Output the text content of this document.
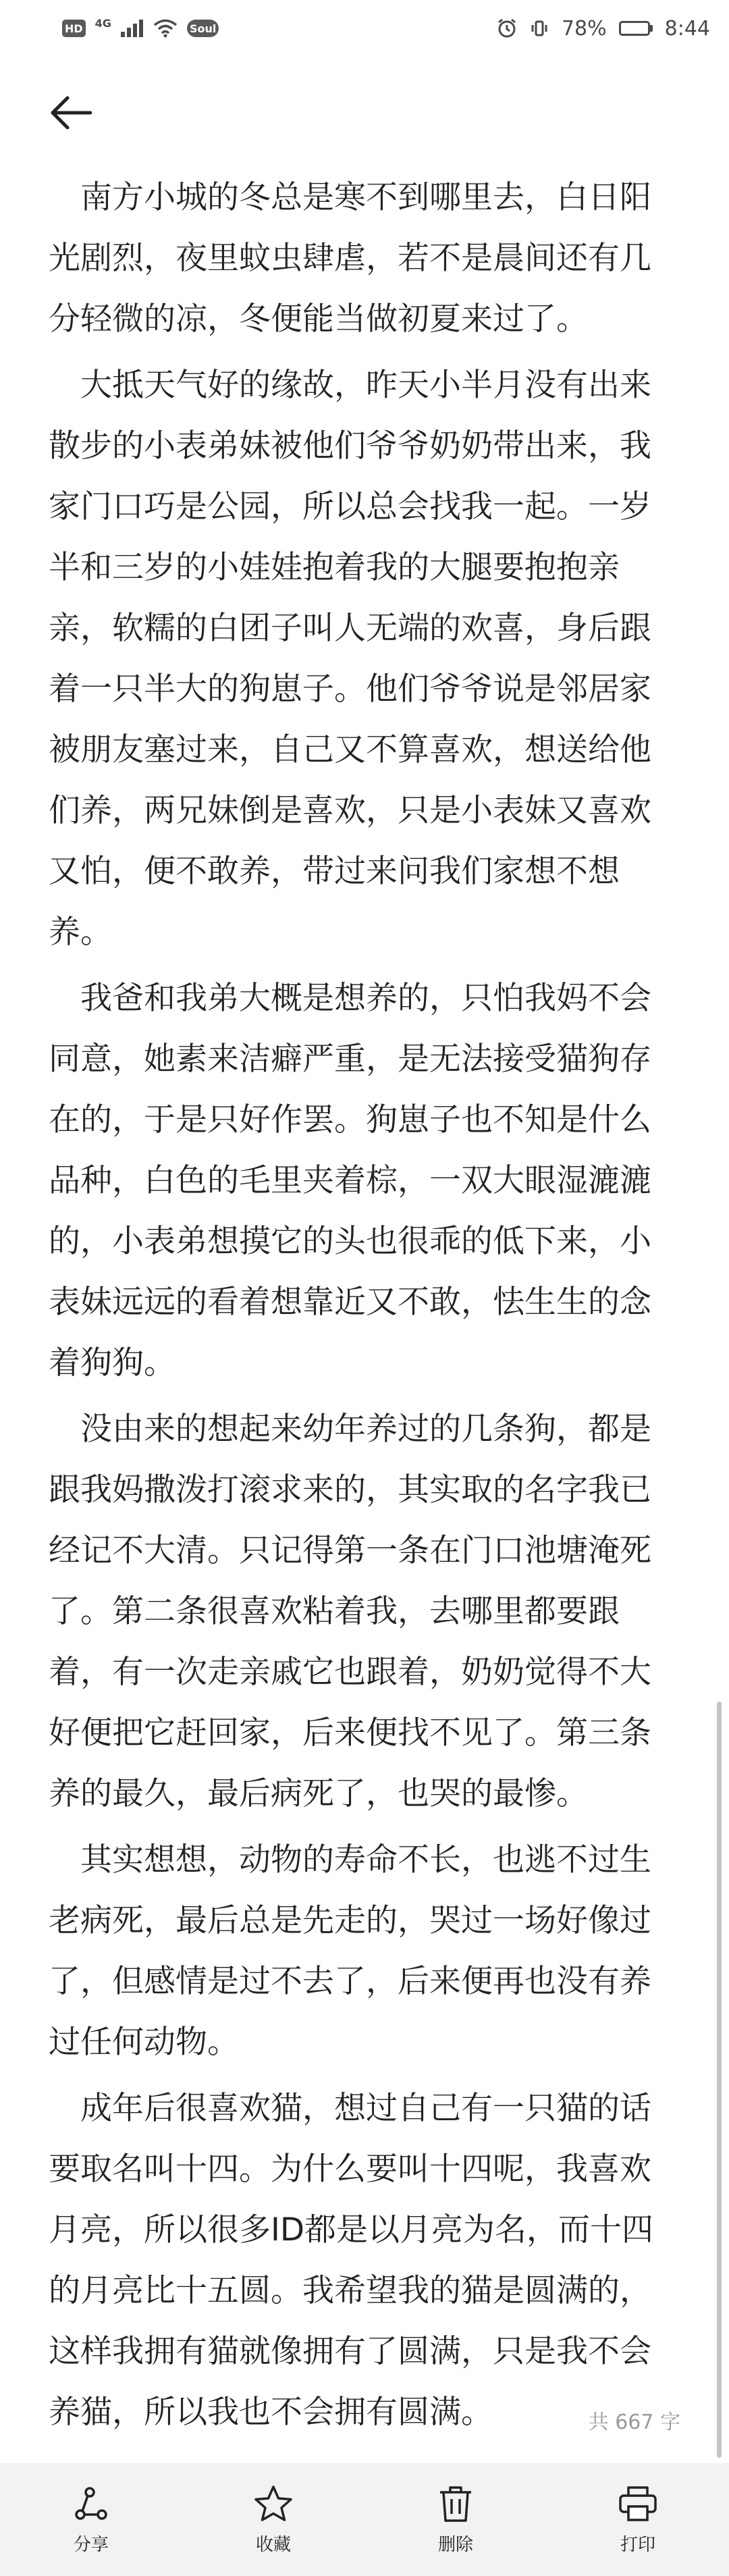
HD 4G	Soul	78%	8:44

南方小城的冬总是寒不到哪里去，白日阳光剧烈，夜里蚊虫肆虐，若不是晨间还有几分轻微的凉，冬便能当做初夏来过了。

大抵天气好的缘故，昨天小半月没有出来散步的小表弟妹被他们爷爷奶奶带出来，我家门口巧是公园，所以总会找我一起。一岁半和三岁的小娃娃抱着我的大腿要抱抱亲亲，软糯的白团子叫人无端的欢喜，身后跟着一只半大的狗崽子。他们爷爷说是邻居家被朋友塞过来，自己又不算喜欢，想送给他们养，两兄妹倒是喜欢，只是小表妹又喜欢又怕，便不敢养，带过来问我们家想不想养。

我爸和我弟大概是想养的，只怕我妈不会同意，她素来洁癖严重，是无法接受猫狗存在的，于是只好作罢。狗崽子也不知是什么品种，白色的毛里夹着棕，一双大眼湿漉漉的，小表弟想摸它的头也很乖的低下来，小表妹远远的看着想靠近又不敢，怯生生的念着狗狗。

没由来的想起来幼年养过的几条狗，都是跟我妈撒泼打滚求来的，其实取的名字我已经记不大清。只记得第一条在门口池塘淹死了。第二条很喜欢粘着我，去哪里都要跟着，有一次走亲戚它也跟着，奶奶觉得不大好便把它赶回家，后来便找不见了。第三条养的最久，最后病死了，也哭的最惨。

其实想想，动物的寿命不长，也逃不过生老病死，最后总是先走的，哭过一场好像过了，但感情是过不去了，后来便再也没有养过任何动物。

成年后很喜欢猫，想过自己有一只猫的话要取名叫十四。为什么要叫十四呢，我喜欢月亮，所以很多ID都是以月亮为名，而十四的月亮比十五圆。我希望我的猫是圆满的，这样我拥有猫就像拥有了圆满，只是我不会养猫，所以我也不会拥有圆满。	共 667 字
分享	收藏	删除	打印
